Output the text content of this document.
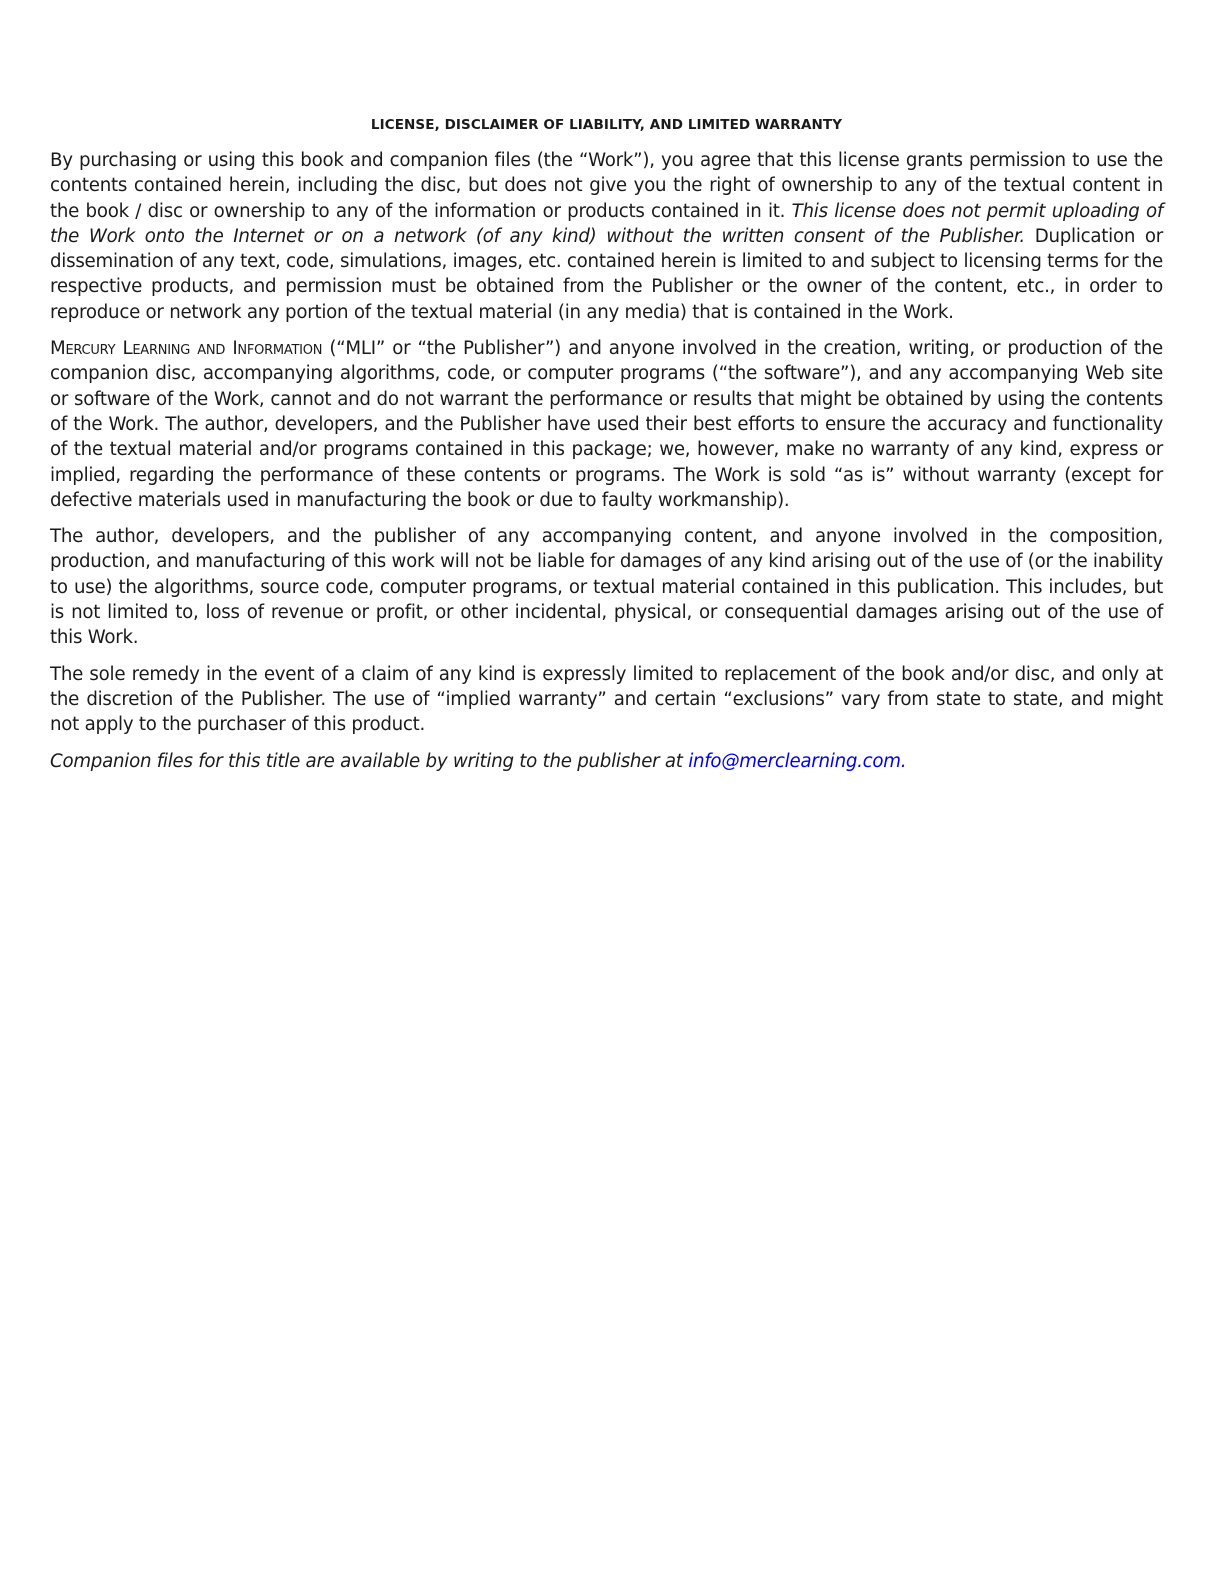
LICENSE, DISCLAIMER OF LIABILITY, AND LIMITED WARRANTY

By purchasing or using this book and companion files (the “Work”), you agree that this license grants permission to use the contents contained herein, including the disc, but does not give you the right of ownership to any of the textual content in the book / disc or ownership to any of the information or products contained in it. This license does not permit uploading of the Work onto the Internet or on a network (of any kind) without the written consent of the Publisher. Duplication or dissemination of any text, code, simulations, images, etc. contained herein is limited to and subject to licensing terms for the respective products, and permission must be obtained from the Publisher or the owner of the content, etc., in order to reproduce or network any portion of the textual material (in any media) that is contained in the Work.

Mercury Learning and Information (“MLI” or “the Publisher”) and anyone involved in the creation, writing, or production of the companion disc, accompanying algorithms, code, or computer programs (“the software”), and any accompanying Web site or software of the Work, cannot and do not warrant the performance or results that might be obtained by using the contents of the Work. The author, developers, and the Publisher have used their best efforts to ensure the accuracy and functionality of the textual material and/or programs contained in this package; we, however, make no warranty of any kind, express or implied, regarding the performance of these contents or programs. The Work is sold “as is” without warranty (except for defective materials used in manufacturing the book or due to faulty workmanship).

The author, developers, and the publisher of any accompanying content, and anyone involved in the composition, production, and manufacturing of this work will not be liable for damages of any kind arising out of the use of (or the inability to use) the algorithms, source code, computer programs, or textual material contained in this publication. This includes, but is not limited to, loss of revenue or profit, or other incidental, physical, or consequential damages arising out of the use of this Work.

The sole remedy in the event of a claim of any kind is expressly limited to replacement of the book and/or disc, and only at the discretion of the Publisher. The use of “implied warranty” and certain “exclusions” vary from state to state, and might not apply to the purchaser of this product.

Companion files for this title are available by writing to the publisher at info@merclearning.com.
